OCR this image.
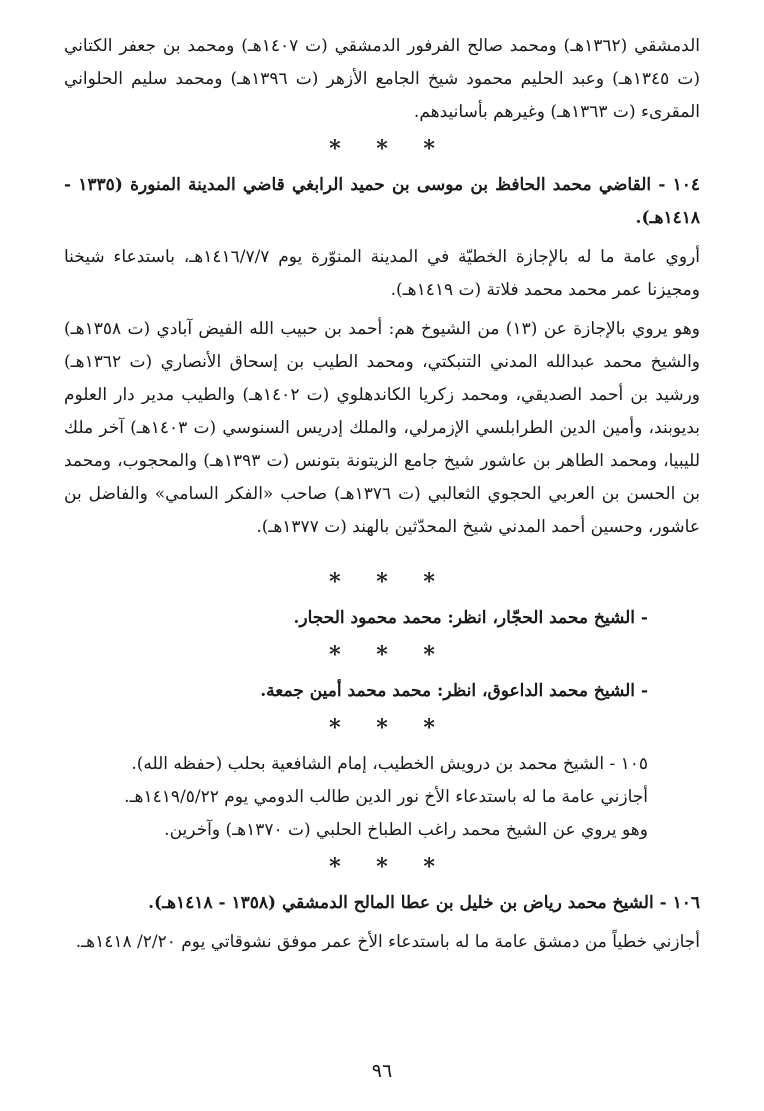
الدمشقي (١٣٦٢هـ) ومحمد صالح الفرفور الدمشقي (ت ١٤٠٧هـ) ومحمد بن جعفر الكتاني (ت ١٣٤٥هـ) وعبد الحليم محمود شيخ الجامع الأزهر (ت ١٣٩٦هـ) ومحمد سليم الحلواني المقرىء (ت ١٣٦٣هـ) وغيرهم بأسانيدهم.

* * *

١٠٤ - القاضي محمد الحافظ بن موسى بن حميد الرابغي قاضي المدينة المنورة (١٣٣٥ - ١٤١٨هـ).

أروي عامة ما له بالإجازة الخطيّة في المدينة المنوّرة يوم ١٤١٦/٧/٧هـ، باستدعاء شيخنا ومجيزنا عمر محمد محمد فلاتة (ت ١٤١٩هـ).

وهو يروي بالإجازة عن (١٣) من الشيوخ هم: أحمد بن حبيب الله الفيض آبادي (ت ١٣٥٨هـ) والشيخ محمد عبدالله المدني التنبكتي، ومحمد الطيب بن إسحاق الأنصاري (ت ١٣٦٢هـ) ورشيد بن أحمد الصديقي، ومحمد زكريا الكاندهلوي (ت ١٤٠٢هـ) والطيب مدير دار العلوم بديوبند، وأمين الدين الطرابلسي الإزمرلي، والملك إدريس السنوسي (ت ١٤٠٣هـ) آخر ملك لليبيا، ومحمد الطاهر بن عاشور شيخ جامع الزيتونة بتونس (ت ١٣٩٣هـ) والمحجوب، ومحمد بن الحسن بن العربي الحجوي الثعالبي (ت ١٣٧٦هـ) صاحب «الفكر السامي» والفاضل بن عاشور، وحسين أحمد المدني شيخ المحدّثين بالهند (ت ١٣٧٧هـ).

* * *

- الشيخ محمد الحجّار، انظر: محمد محمود الحجار.

* * *

- الشيخ محمد الداعوق، انظر: محمد محمد أمين جمعة.

* * *

١٠٥ - الشيخ محمد بن درويش الخطيب، إمام الشافعية بحلب (حفظه الله).

أجازني عامة ما له باستدعاء الأخ نور الدين طالب الدومي يوم ١٤١٩/٥/٢٢هـ.

وهو يروي عن الشيخ محمد راغب الطباخ الحلبي (ت ١٣٧٠هـ) وآخرين.

* * *

١٠٦ - الشيخ محمد رياض بن خليل بن عطا المالح الدمشقي (١٣٥٨ - ١٤١٨هـ).

أجازني خطياً من دمشق عامة ما له باستدعاء الأخ عمر موفق نشوقاتي يوم ٢/٢٠/ ١٤١٨هـ.

٩٦
